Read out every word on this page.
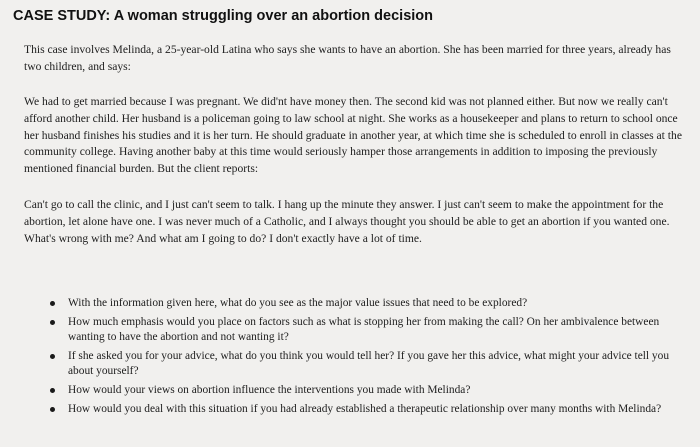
CASE STUDY: A woman struggling over an abortion decision

This case involves Melinda, a 25-year-old Latina who says she wants to have an abortion. She has been married for three years, already has two children, and says:

We had to get married because I was pregnant. We did'nt have money then. The second kid was not planned either. But now we really can't afford another child. Her husband is a policeman going to law school at night. She works as a housekeeper and plans to return to school once her husband finishes his studies and it is her turn. He should graduate in another year, at which time she is scheduled to enroll in classes at the community college. Having another baby at this time would seriously hamper those arrangements in addition to imposing the previously mentioned financial burden. But the client reports:

Can't go to call the clinic, and I just can't seem to talk. I hang up the minute they answer. I just can't seem to make the appointment for the abortion, let alone have one. I was never much of a Catholic, and I always thought you should be able to get an abortion if you wanted one. What's wrong with me? And what am I going to do? I don't exactly have a lot of time.

With the information given here, what do you see as the major value issues that need to be explored?
How much emphasis would you place on factors such as what is stopping her from making the call? On her ambivalence between wanting to have the abortion and not wanting it?
If she asked you for your advice, what do you think you would tell her? If you gave her this advice, what might your advice tell you about yourself?
How would your views on abortion influence the interventions you made with Melinda?
How would you deal with this situation if you had already established a therapeutic relationship over many months with Melinda?
